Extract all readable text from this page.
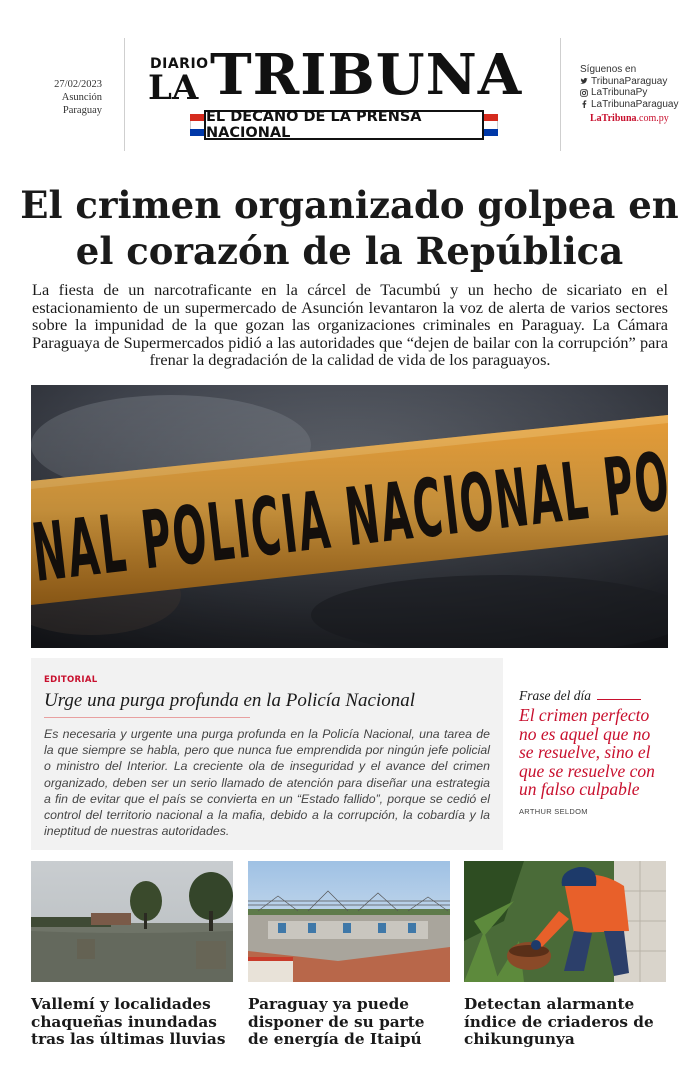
27/02/2023
Asunción
Paraguay
DIARIO
LA TRIBUNA
EL DECANO DE LA PRENSA NACIONAL
Síguenos en
TribunaParaguay
LaTribunaPy
LaTribunaParaguay
LaTribuna.com.py
El crimen organizado golpea en el corazón de la República

La fiesta de un narcotraficante en la cárcel de Tacumbú y un hecho de sicariato en el estacionamiento de un supermercado de Asunción levantaron la voz de alerta de varios sectores sobre la impunidad de la que gozan las organizaciones criminales en Paraguay. La Cámara Paraguaya de Supermercados pidió a las autoridades que “dejen de bailar con la corrupción” para frenar la degradación de la calidad de vida de los paraguayos.

EDITORIAL
Urge una purga profunda en la Policía Nacional
Es necesaria y urgente una purga profunda en la Policía Nacional, una tarea de la que siempre se habla, pero que nunca fue emprendida por ningún jefe policial o ministro del Interior. La creciente ola de inseguridad y el avance del crimen organizado, deben ser un serio llamado de atención para diseñar una estrategia a fin de evitar que el país se convierta en un “Estado fallido”, porque se cedió el control del territorio nacional a la mafia, debido a la corrupción, la cobardía y la ineptitud de nuestras autoridades.
Frase del día
El crimen perfecto no es aquel que no se resuelve, sino el que se resuelve con un falso culpable
ARTHUR SELDOM
Vallemí y localidades chaqueñas inundadas tras las últimas lluvias
Paraguay ya puede disponer de su parte de energía de Itaipú
Detectan alarmante índice de criaderos de chikungunya
